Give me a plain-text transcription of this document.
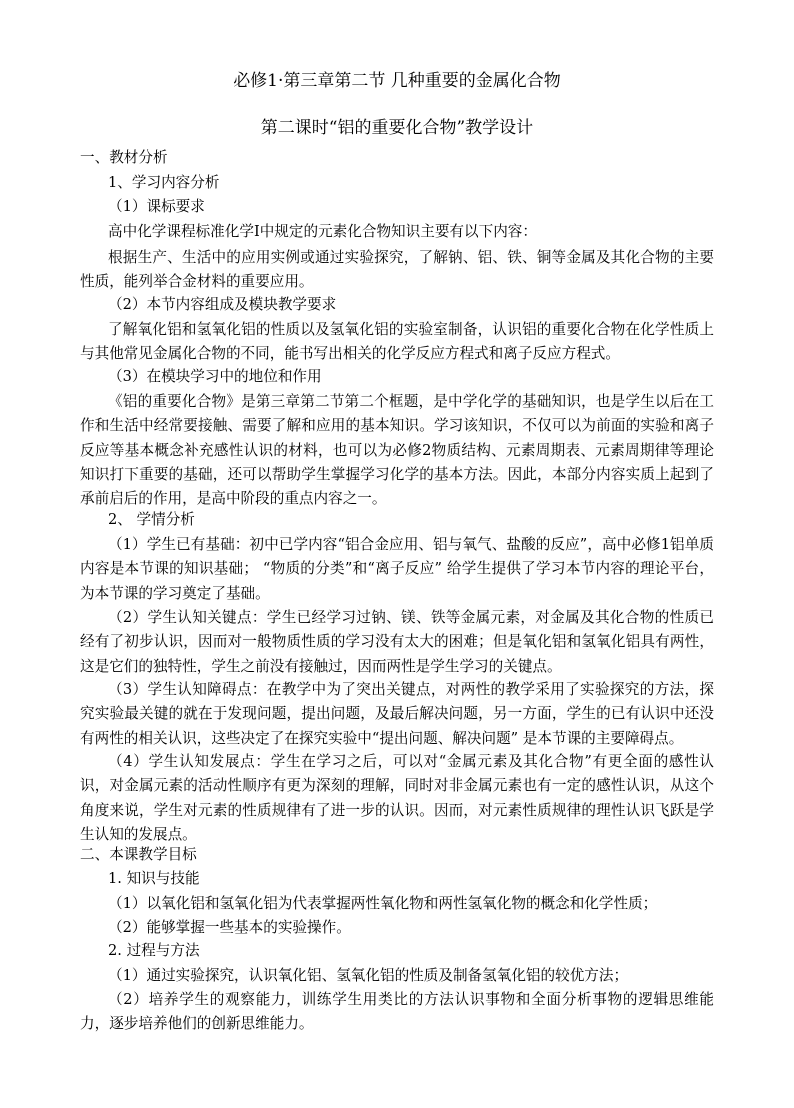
必修1·第三章第二节 几种重要的金属化合物
第二课时“铝的重要化合物”教学设计
一、教材分析
1、学习内容分析
（1）课标要求
高中化学课程标准化学I中规定的元素化合物知识主要有以下内容：
根据生产、生活中的应用实例或通过实验探究，了解钠、铝、铁、铜等金属及其化合物的主要性质，能列举合金材料的重要应用。
（2）本节内容组成及模块教学要求
了解氧化铝和氢氧化铝的性质以及氢氧化铝的实验室制备，认识铝的重要化合物在化学性质上与其他常见金属化合物的不同，能书写出相关的化学反应方程式和离子反应方程式。
（3）在模块学习中的地位和作用
《铝的重要化合物》是第三章第二节第二个框题，是中学化学的基础知识，也是学生以后在工作和生活中经常要接触、需要了解和应用的基本知识。学习该知识，不仅可以为前面的实验和离子反应等基本概念补充感性认识的材料，也可以为必修2物质结构、元素周期表、元素周期律等理论知识打下重要的基础，还可以帮助学生掌握学习化学的基本方法。因此，本部分内容实质上起到了承前启后的作用，是高中阶段的重点内容之一。
2、 学情分析
（1）学生已有基础：初中已学内容“铝合金应用、铝与氧气、盐酸的反应”，高中必修1铝单质内容是本节课的知识基础； “物质的分类”和“离子反应” 给学生提供了学习本节内容的理论平台，为本节课的学习奠定了基础。
（2）学生认知关键点：学生已经学习过钠、镁、铁等金属元素，对金属及其化合物的性质已经有了初步认识，因而对一般物质性质的学习没有太大的困难；但是氧化铝和氢氧化铝具有两性，这是它们的独特性，学生之前没有接触过，因而两性是学生学习的关键点。
（3）学生认知障碍点：在教学中为了突出关键点，对两性的教学采用了实验探究的方法，探究实验最关键的就在于发现问题，提出问题，及最后解决问题，另一方面，学生的已有认识中还没有两性的相关认识，这些决定了在探究实验中“提出问题、解决问题” 是本节课的主要障碍点。
（4）学生认知发展点：学生在学习之后，可以对“金属元素及其化合物”有更全面的感性认识，对金属元素的活动性顺序有更为深刻的理解，同时对非金属元素也有一定的感性认识，从这个角度来说，学生对元素的性质规律有了进一步的认识。因而，对元素性质规律的理性认识飞跃是学生认知的发展点。
二、本课教学目标
1. 知识与技能
（1）以氧化铝和氢氧化铝为代表掌握两性氧化物和两性氢氧化物的概念和化学性质；
（2）能够掌握一些基本的实验操作。
2. 过程与方法
（1）通过实验探究，认识氧化铝、氢氧化铝的性质及制备氢氧化铝的较优方法；
（2）培养学生的观察能力，训练学生用类比的方法认识事物和全面分析事物的逻辑思维能力，逐步培养他们的创新思维能力。
